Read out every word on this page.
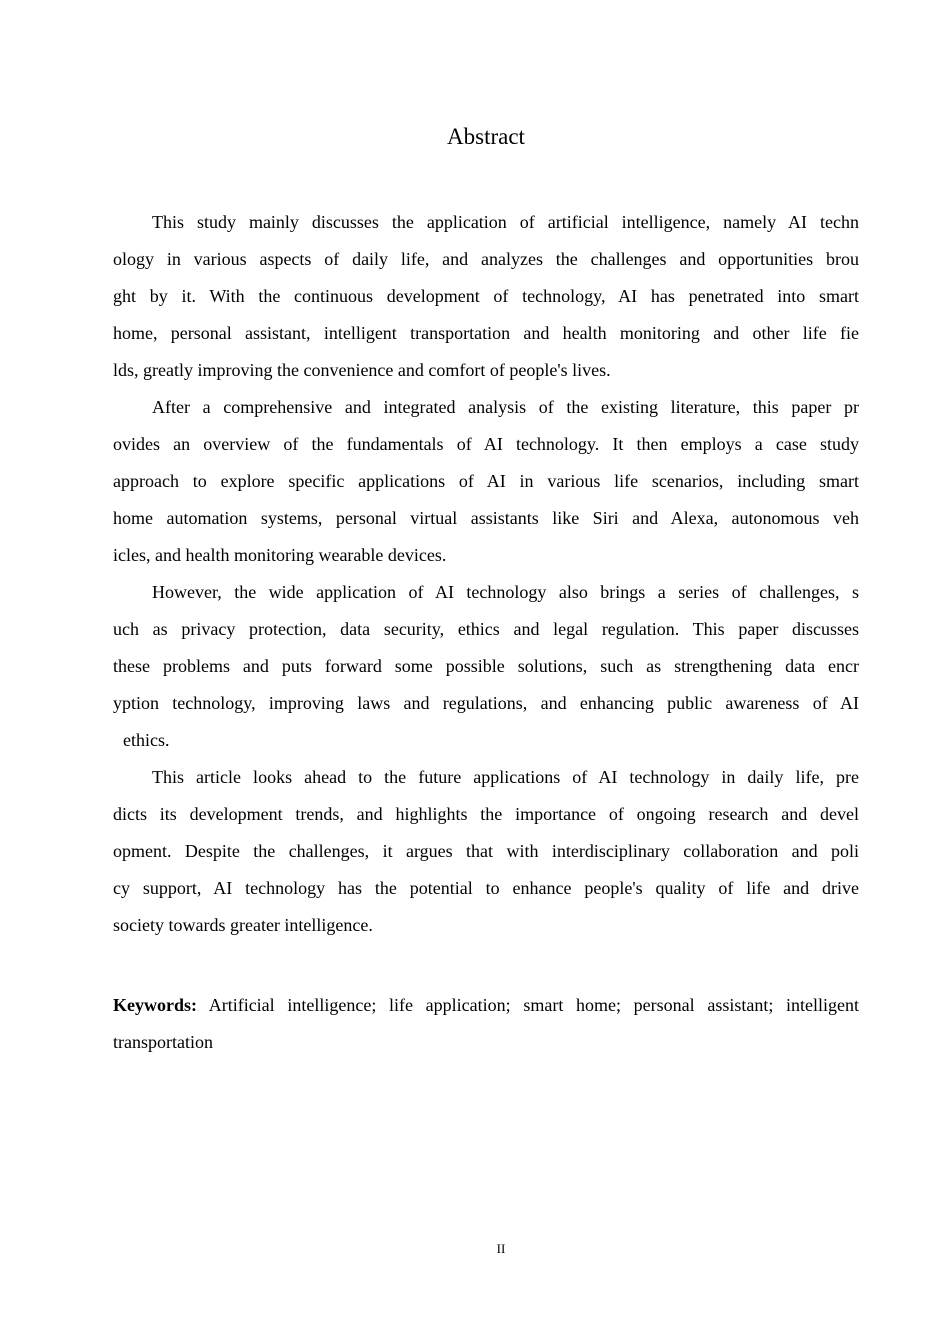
Abstract
This study mainly discusses the application of artificial intelligence, namely AI techn
ology in various aspects of daily life, and analyzes the challenges and opportunities brou
ght by it. With the continuous development of technology, AI has penetrated into smart
home, personal assistant, intelligent transportation and health monitoring and other life fie
lds, greatly improving the convenience and comfort of people's lives.
After a comprehensive and integrated analysis of the existing literature, this paper pr
ovides an overview of the fundamentals of AI technology. It then employs a case study
approach to explore specific applications of AI in various life scenarios, including smart
home automation systems, personal virtual assistants like Siri and Alexa, autonomous veh
icles, and health monitoring wearable devices.
However, the wide application of AI technology also brings a series of challenges, s
uch as privacy protection, data security, ethics and legal regulation. This paper discusses
these problems and puts forward some possible solutions, such as strengthening data encr
yption technology, improving laws and regulations, and enhancing public awareness of AI
ethics.
This article looks ahead to the future applications of AI technology in daily life, pre
dicts its development trends, and highlights the importance of ongoing research and devel
opment. Despite the challenges, it argues that with interdisciplinary collaboration and poli
cy support, AI technology has the potential to enhance people's quality of life and drive
society towards greater intelligence.
Keywords: Artificial intelligence; life application; smart home; personal assistant; intelligent
transportation
II
